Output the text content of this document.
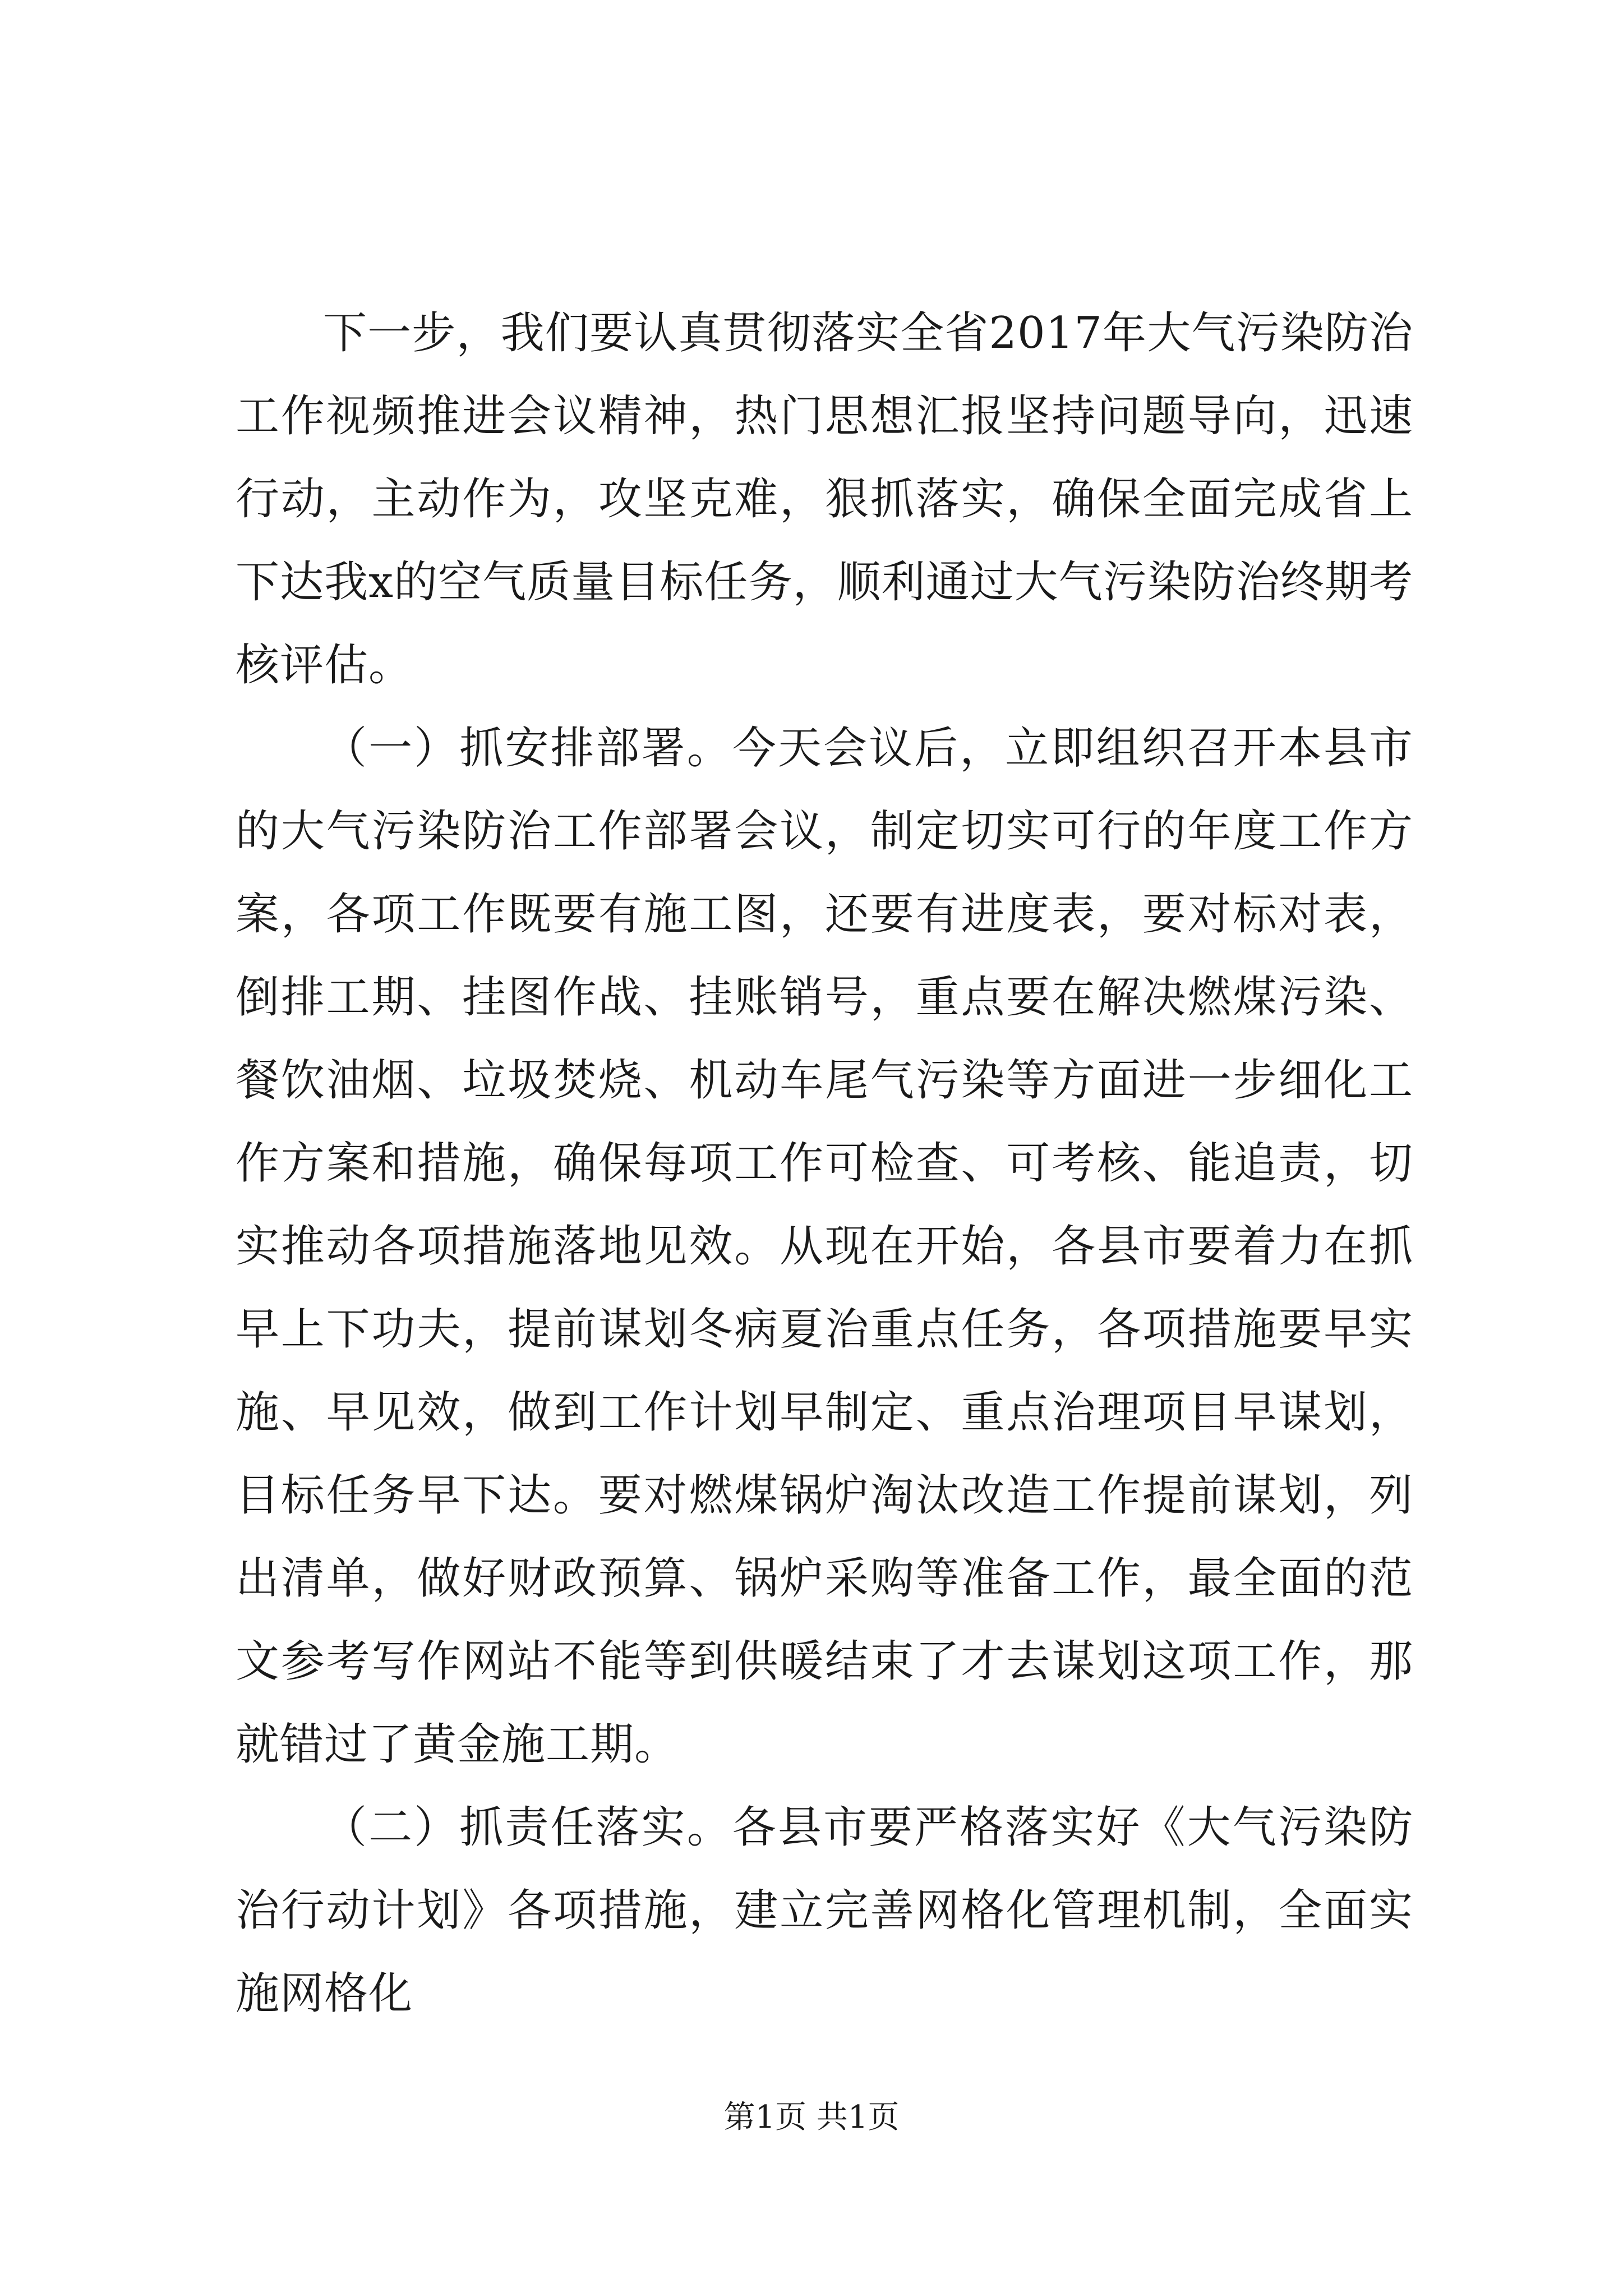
下一步，我们要认真贯彻落实全省2017年大气污染防治工作视频推进会议精神，热门思想汇报坚持问题导向，迅速行动，主动作为，攻坚克难，狠抓落实，确保全面完成省上下达我x的空气质量目标任务，顺利通过大气污染防治终期考核评估。

（一）抓安排部署。今天会议后，立即组织召开本县市的大气污染防治工作部署会议，制定切实可行的年度工作方案，各项工作既要有施工图，还要有进度表，要对标对表，倒排工期、挂图作战、挂账销号，重点要在解决燃煤污染、餐饮油烟、垃圾焚烧、机动车尾气污染等方面进一步细化工作方案和措施，确保每项工作可检查、可考核、能追责，切实推动各项措施落地见效。从现在开始，各县市要着力在抓早上下功夫，提前谋划冬病夏治重点任务，各项措施要早实施、早见效，做到工作计划早制定、重点治理项目早谋划，目标任务早下达。要对燃煤锅炉淘汰改造工作提前谋划，列出清单，做好财政预算、锅炉采购等准备工作，最全面的范文参考写作网站不能等到供暖结束了才去谋划这项工作，那就错过了黄金施工期。

（二）抓责任落实。各县市要严格落实好《大气污染防治行动计划》各项措施，建立完善网格化管理机制，全面实施网格化

第1页 共1页
